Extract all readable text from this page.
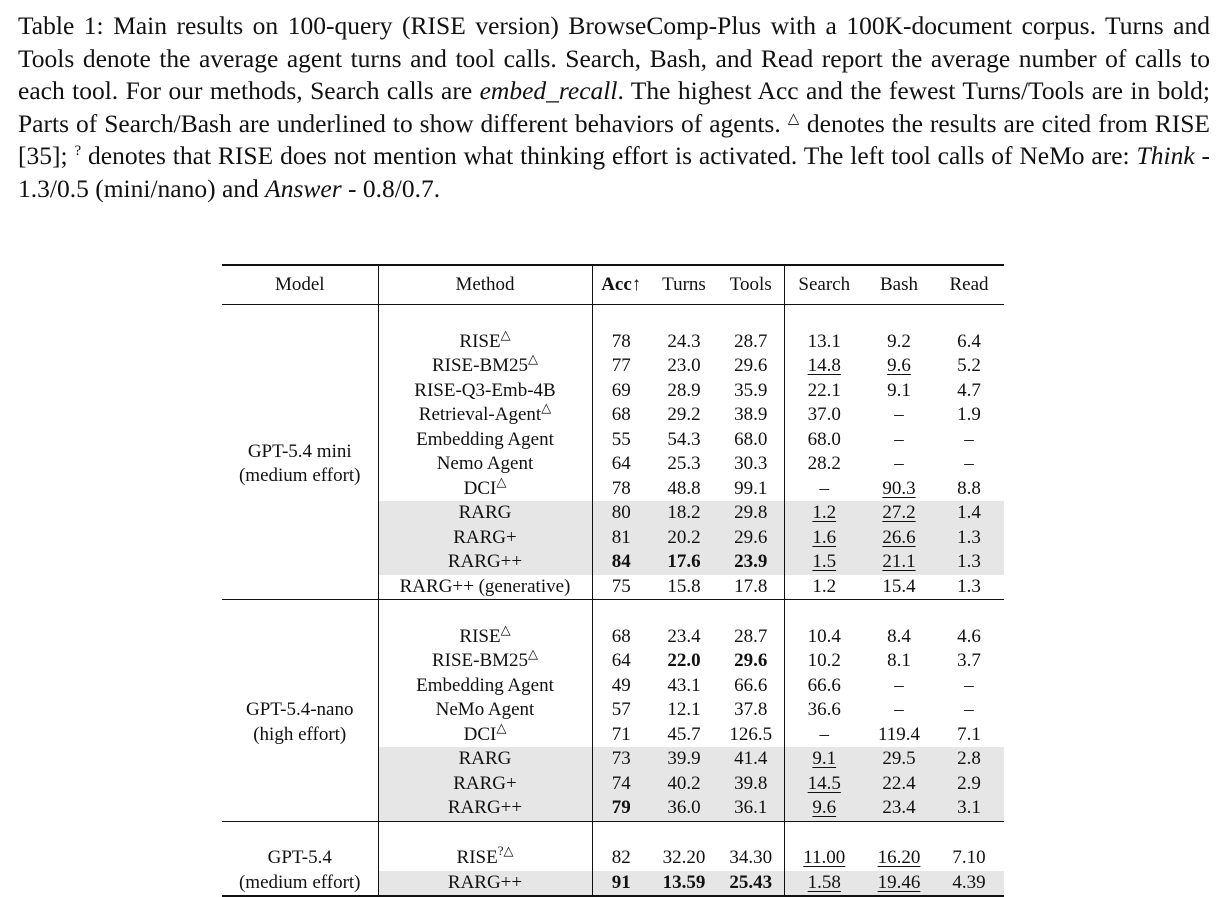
Table 1: Main results on 100-query (RISE version) BrowseComp-Plus with a 100K-document corpus. Turns and Tools denote the average agent turns and tool calls. Search, Bash, and Read report the average number of calls to each tool. For our methods, Search calls are embed_recall. The highest Acc and the fewest Turns/Tools are in bold; Parts of Search/Bash are underlined to show different behaviors of agents. △ denotes the results are cited from RISE [35]; ? denotes that RISE does not mention what thinking effort is activated. The left tool calls of NeMo are: Think - 1.3/0.5 (mini/nano) and Answer - 0.8/0.7.
Model	Method	Acc↑	Turns	Tools	Search	Bash	Read

GPT-5.4 mini
(medium effort)	RISE△	78	24.3	28.7	13.1	9.2	6.4
	RISE-BM25△	77	23.0	29.6	14.8	9.6	5.2
	RISE-Q3-Emb-4B	69	28.9	35.9	22.1	9.1	4.7
	Retrieval-Agent△	68	29.2	38.9	37.0	–	1.9
	Embedding Agent	55	54.3	68.0	68.0	–	–
	Nemo Agent	64	25.3	30.3	28.2	–	–
	DCI△	78	48.8	99.1	–	90.3	8.8
	RARG	80	18.2	29.8	1.2	27.2	1.4
	RARG+	81	20.2	29.6	1.6	26.6	1.3
	RARG++	84	17.6	23.9	1.5	21.1	1.3
	RARG++ (generative)	75	15.8	17.8	1.2	15.4	1.3

GPT-5.4-nano
(high effort)	RISE△	68	23.4	28.7	10.4	8.4	4.6
	RISE-BM25△	64	22.0	29.6	10.2	8.1	3.7
	Embedding Agent	49	43.1	66.6	66.6	–	–
	NeMo Agent	57	12.1	37.8	36.6	–	–
	DCI△	71	45.7	126.5	–	119.4	7.1
	RARG	73	39.9	41.4	9.1	29.5	2.8
	RARG+	74	40.2	39.8	14.5	22.4	2.9
	RARG++	79	36.0	36.1	9.6	23.4	3.1

GPT-5.4
(medium effort)	RISE?△	82	32.20	34.30	11.00	16.20	7.10
	RARG++	91	13.59	25.43	1.58	19.46	4.39
